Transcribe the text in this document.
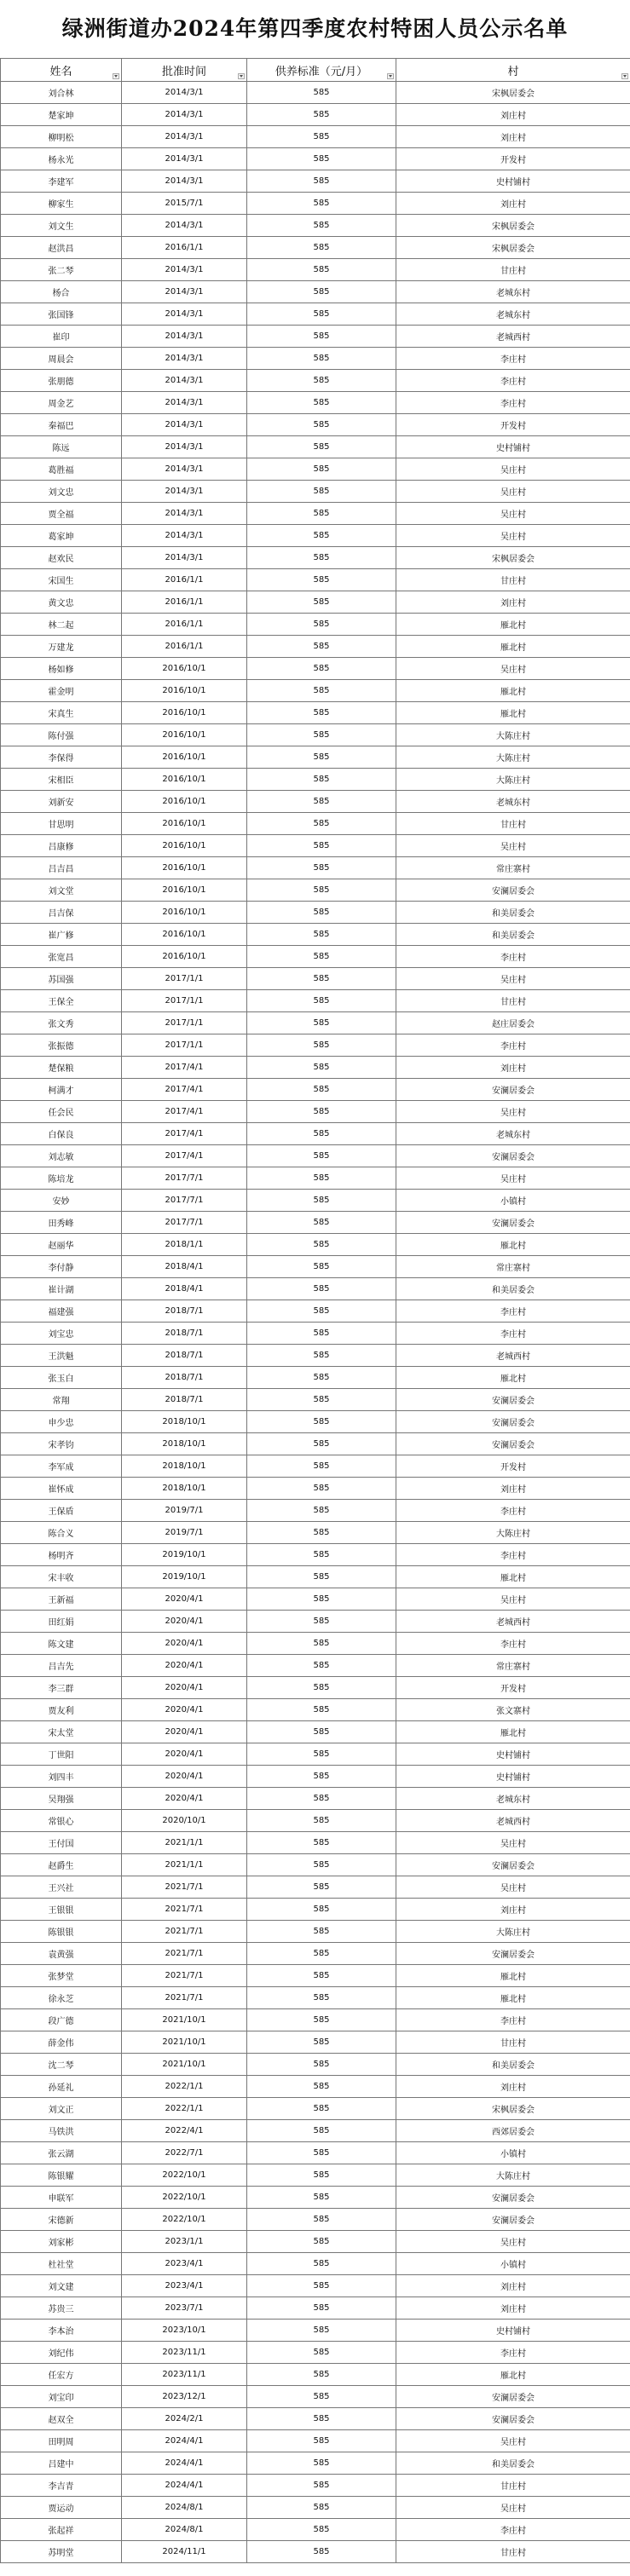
绿洲街道办2024年第四季度农村特困人员公示名单
姓名	批准时间	供养标准（元/月）	村

刘合林	2014/3/1	585	宋枫居委会
楚家坤	2014/3/1	585	刘庄村
柳明松	2014/3/1	585	刘庄村
杨永光	2014/3/1	585	开发村
李建军	2014/3/1	585	史村铺村
柳家生	2015/7/1	585	刘庄村
刘文生	2014/3/1	585	宋枫居委会
赵洪昌	2016/1/1	585	宋枫居委会
张二琴	2014/3/1	585	甘庄村
杨合	2014/3/1	585	老城东村
张国锋	2014/3/1	585	老城东村
崔印	2014/3/1	585	老城西村
周晨会	2014/3/1	585	李庄村
张朋德	2014/3/1	585	李庄村
周金艺	2014/3/1	585	李庄村
秦福巴	2014/3/1	585	开发村
陈远	2014/3/1	585	史村铺村
葛胜福	2014/3/1	585	吴庄村
刘文忠	2014/3/1	585	吴庄村
贾全福	2014/3/1	585	吴庄村
葛家坤	2014/3/1	585	吴庄村
赵欢民	2014/3/1	585	宋枫居委会
宋国生	2016/1/1	585	甘庄村
黄文忠	2016/1/1	585	刘庄村
林二起	2016/1/1	585	雁北村
万建龙	2016/1/1	585	雁北村
杨如修	2016/10/1	585	吴庄村
霍金明	2016/10/1	585	雁北村
宋真生	2016/10/1	585	雁北村
陈付强	2016/10/1	585	大陈庄村
李保得	2016/10/1	585	大陈庄村
宋相臣	2016/10/1	585	大陈庄村
刘新安	2016/10/1	585	老城东村
甘思明	2016/10/1	585	甘庄村
吕康修	2016/10/1	585	吴庄村
吕吉昌	2016/10/1	585	常庄寨村
刘文堂	2016/10/1	585	安澜居委会
吕吉保	2016/10/1	585	和美居委会
崔广修	2016/10/1	585	和美居委会
张宽昌	2016/10/1	585	李庄村
苏国强	2017/1/1	585	吴庄村
王保全	2017/1/1	585	甘庄村
张文秀	2017/1/1	585	赵庄居委会
张振德	2017/1/1	585	李庄村
楚保粮	2017/4/1	585	刘庄村
柯满才	2017/4/1	585	安澜居委会
任会民	2017/4/1	585	吴庄村
白保良	2017/4/1	585	老城东村
刘志敏	2017/4/1	585	安澜居委会
陈培龙	2017/7/1	585	吴庄村
安妙	2017/7/1	585	小镇村
田秀峰	2017/7/1	585	安澜居委会
赵丽华	2018/1/1	585	雁北村
李付静	2018/4/1	585	常庄寨村
崔计湖	2018/4/1	585	和美居委会
福建强	2018/7/1	585	李庄村
刘宝忠	2018/7/1	585	李庄村
王洪魁	2018/7/1	585	老城西村
张玉白	2018/7/1	585	雁北村
常翔	2018/7/1	585	安澜居委会
申少忠	2018/10/1	585	安澜居委会
宋孝钧	2018/10/1	585	安澜居委会
李军成	2018/10/1	585	开发村
崔怀成	2018/10/1	585	刘庄村
王保盾	2019/7/1	585	李庄村
陈合义	2019/7/1	585	大陈庄村
杨明齐	2019/10/1	585	李庄村
宋丰收	2019/10/1	585	雁北村
王新福	2020/4/1	585	吴庄村
田红娟	2020/4/1	585	老城西村
陈文建	2020/4/1	585	李庄村
吕吉先	2020/4/1	585	常庄寨村
李三群	2020/4/1	585	开发村
贾友利	2020/4/1	585	张文寨村
宋太堂	2020/4/1	585	雁北村
丁世阳	2020/4/1	585	史村铺村
刘四丰	2020/4/1	585	史村铺村
吴翔强	2020/4/1	585	老城东村
常银心	2020/10/1	585	老城西村
王付国	2021/1/1	585	吴庄村
赵爵生	2021/1/1	585	安澜居委会
王兴社	2021/7/1	585	吴庄村
王银银	2021/7/1	585	刘庄村
陈银银	2021/7/1	585	大陈庄村
袁黄强	2021/7/1	585	安澜居委会
张梦堂	2021/7/1	585	雁北村
徐永芝	2021/7/1	585	雁北村
段广德	2021/10/1	585	李庄村
薛金伟	2021/10/1	585	甘庄村
沈二琴	2021/10/1	585	和美居委会
孙延礼	2022/1/1	585	刘庄村
刘文正	2022/1/1	585	宋枫居委会
马铁洪	2022/4/1	585	西郊居委会
张云湖	2022/7/1	585	小镇村
陈银耀	2022/10/1	585	大陈庄村
申联军	2022/10/1	585	安澜居委会
宋德新	2022/10/1	585	安澜居委会
刘家彬	2023/1/1	585	吴庄村
杜社堂	2023/4/1	585	小镇村
刘文建	2023/4/1	585	刘庄村
苏贵三	2023/7/1	585	刘庄村
李本治	2023/10/1	585	史村铺村
刘纪伟	2023/11/1	585	李庄村
任宏方	2023/11/1	585	雁北村
刘宝印	2023/12/1	585	安澜居委会
赵双全	2024/2/1	585	安澜居委会
田明周	2024/4/1	585	吴庄村
吕建中	2024/4/1	585	和美居委会
李吉青	2024/4/1	585	甘庄村
贾运动	2024/8/1	585	吴庄村
张起祥	2024/8/1	585	李庄村
苏明堂	2024/11/1	585	甘庄村
